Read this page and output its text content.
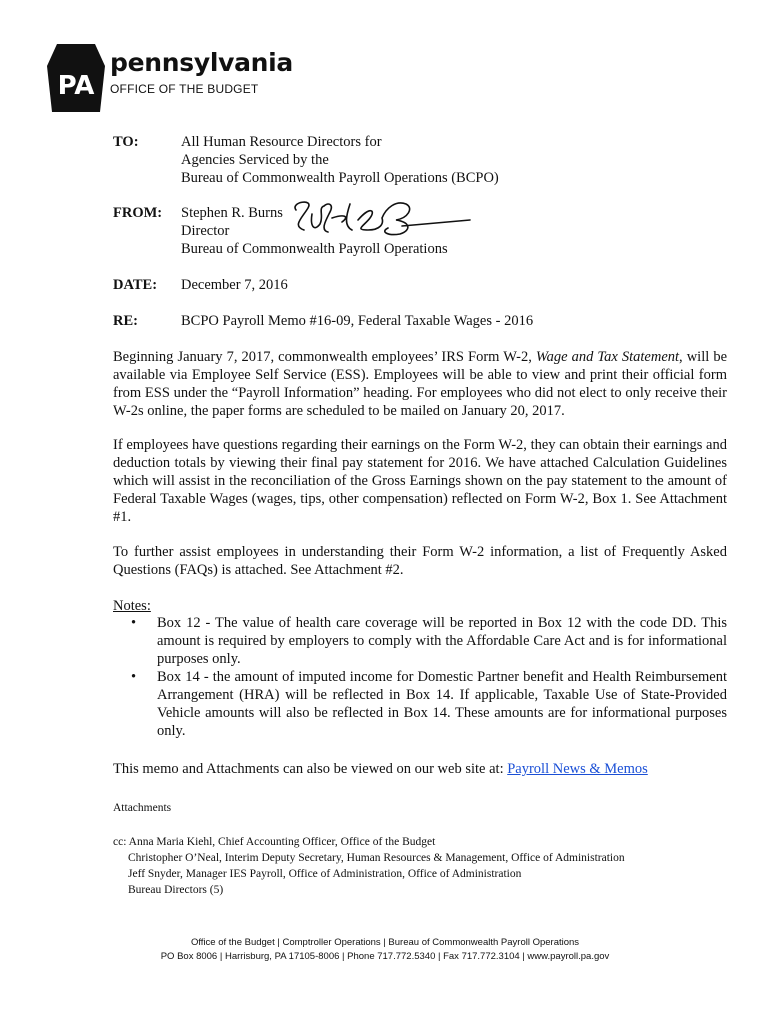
PA
pennsylvania
OFFICE OF THE BUDGET
TO:	All Human Resource Directors for
Agencies Serviced by the
Bureau of Commonwealth Payroll Operations (BCPO)
FROM: Stephen R. Burns
Director
Bureau of Commonwealth Payroll Operations
DATE: December 7, 2016
RE:	BCPO Payroll Memo #16-09, Federal Taxable Wages - 2016
Beginning January 7, 2017, commonwealth employees’ IRS Form W-2, Wage and Tax Statement, will be available via Employee Self Service (ESS). Employees will be able to view and print their official form from ESS under the “Payroll Information” heading. For employees who did not elect to only receive their W-2s online, the paper forms are scheduled to be mailed on January 20, 2017.
If employees have questions regarding their earnings on the Form W-2, they can obtain their earnings and deduction totals by viewing their final pay statement for 2016. We have attached Calculation Guidelines which will assist in the reconciliation of the Gross Earnings shown on the pay statement to the amount of Federal Taxable Wages (wages, tips, other compensation) reflected on Form W-2, Box 1. See Attachment #1.
To further assist employees in understanding their Form W-2 information, a list of Frequently Asked Questions (FAQs) is attached. See Attachment #2.
Notes:
• Box 12 - The value of health care coverage will be reported in Box 12 with the code DD. This amount is required by employers to comply with the Affordable Care Act and is for informational purposes only.
• Box 14 - the amount of imputed income for Domestic Partner benefit and Health Reimbursement Arrangement (HRA) will be reflected in Box 14. If applicable, Taxable Use of State-Provided Vehicle amounts will also be reflected in Box 14. These amounts are for informational purposes only.
This memo and Attachments can also be viewed on our web site at: Payroll News & Memos
Attachments
cc: Anna Maria Kiehl, Chief Accounting Officer, Office of the Budget
Christopher O’Neal, Interim Deputy Secretary, Human Resources & Management, Office of Administration
Jeff Snyder, Manager IES Payroll, Office of Administration, Office of Administration
Bureau Directors (5)
Office of the Budget | Comptroller Operations | Bureau of Commonwealth Payroll Operations
PO Box 8006 | Harrisburg, PA 17105-8006 | Phone 717.772.5340 | Fax 717.772.3104 | www.payroll.pa.gov
